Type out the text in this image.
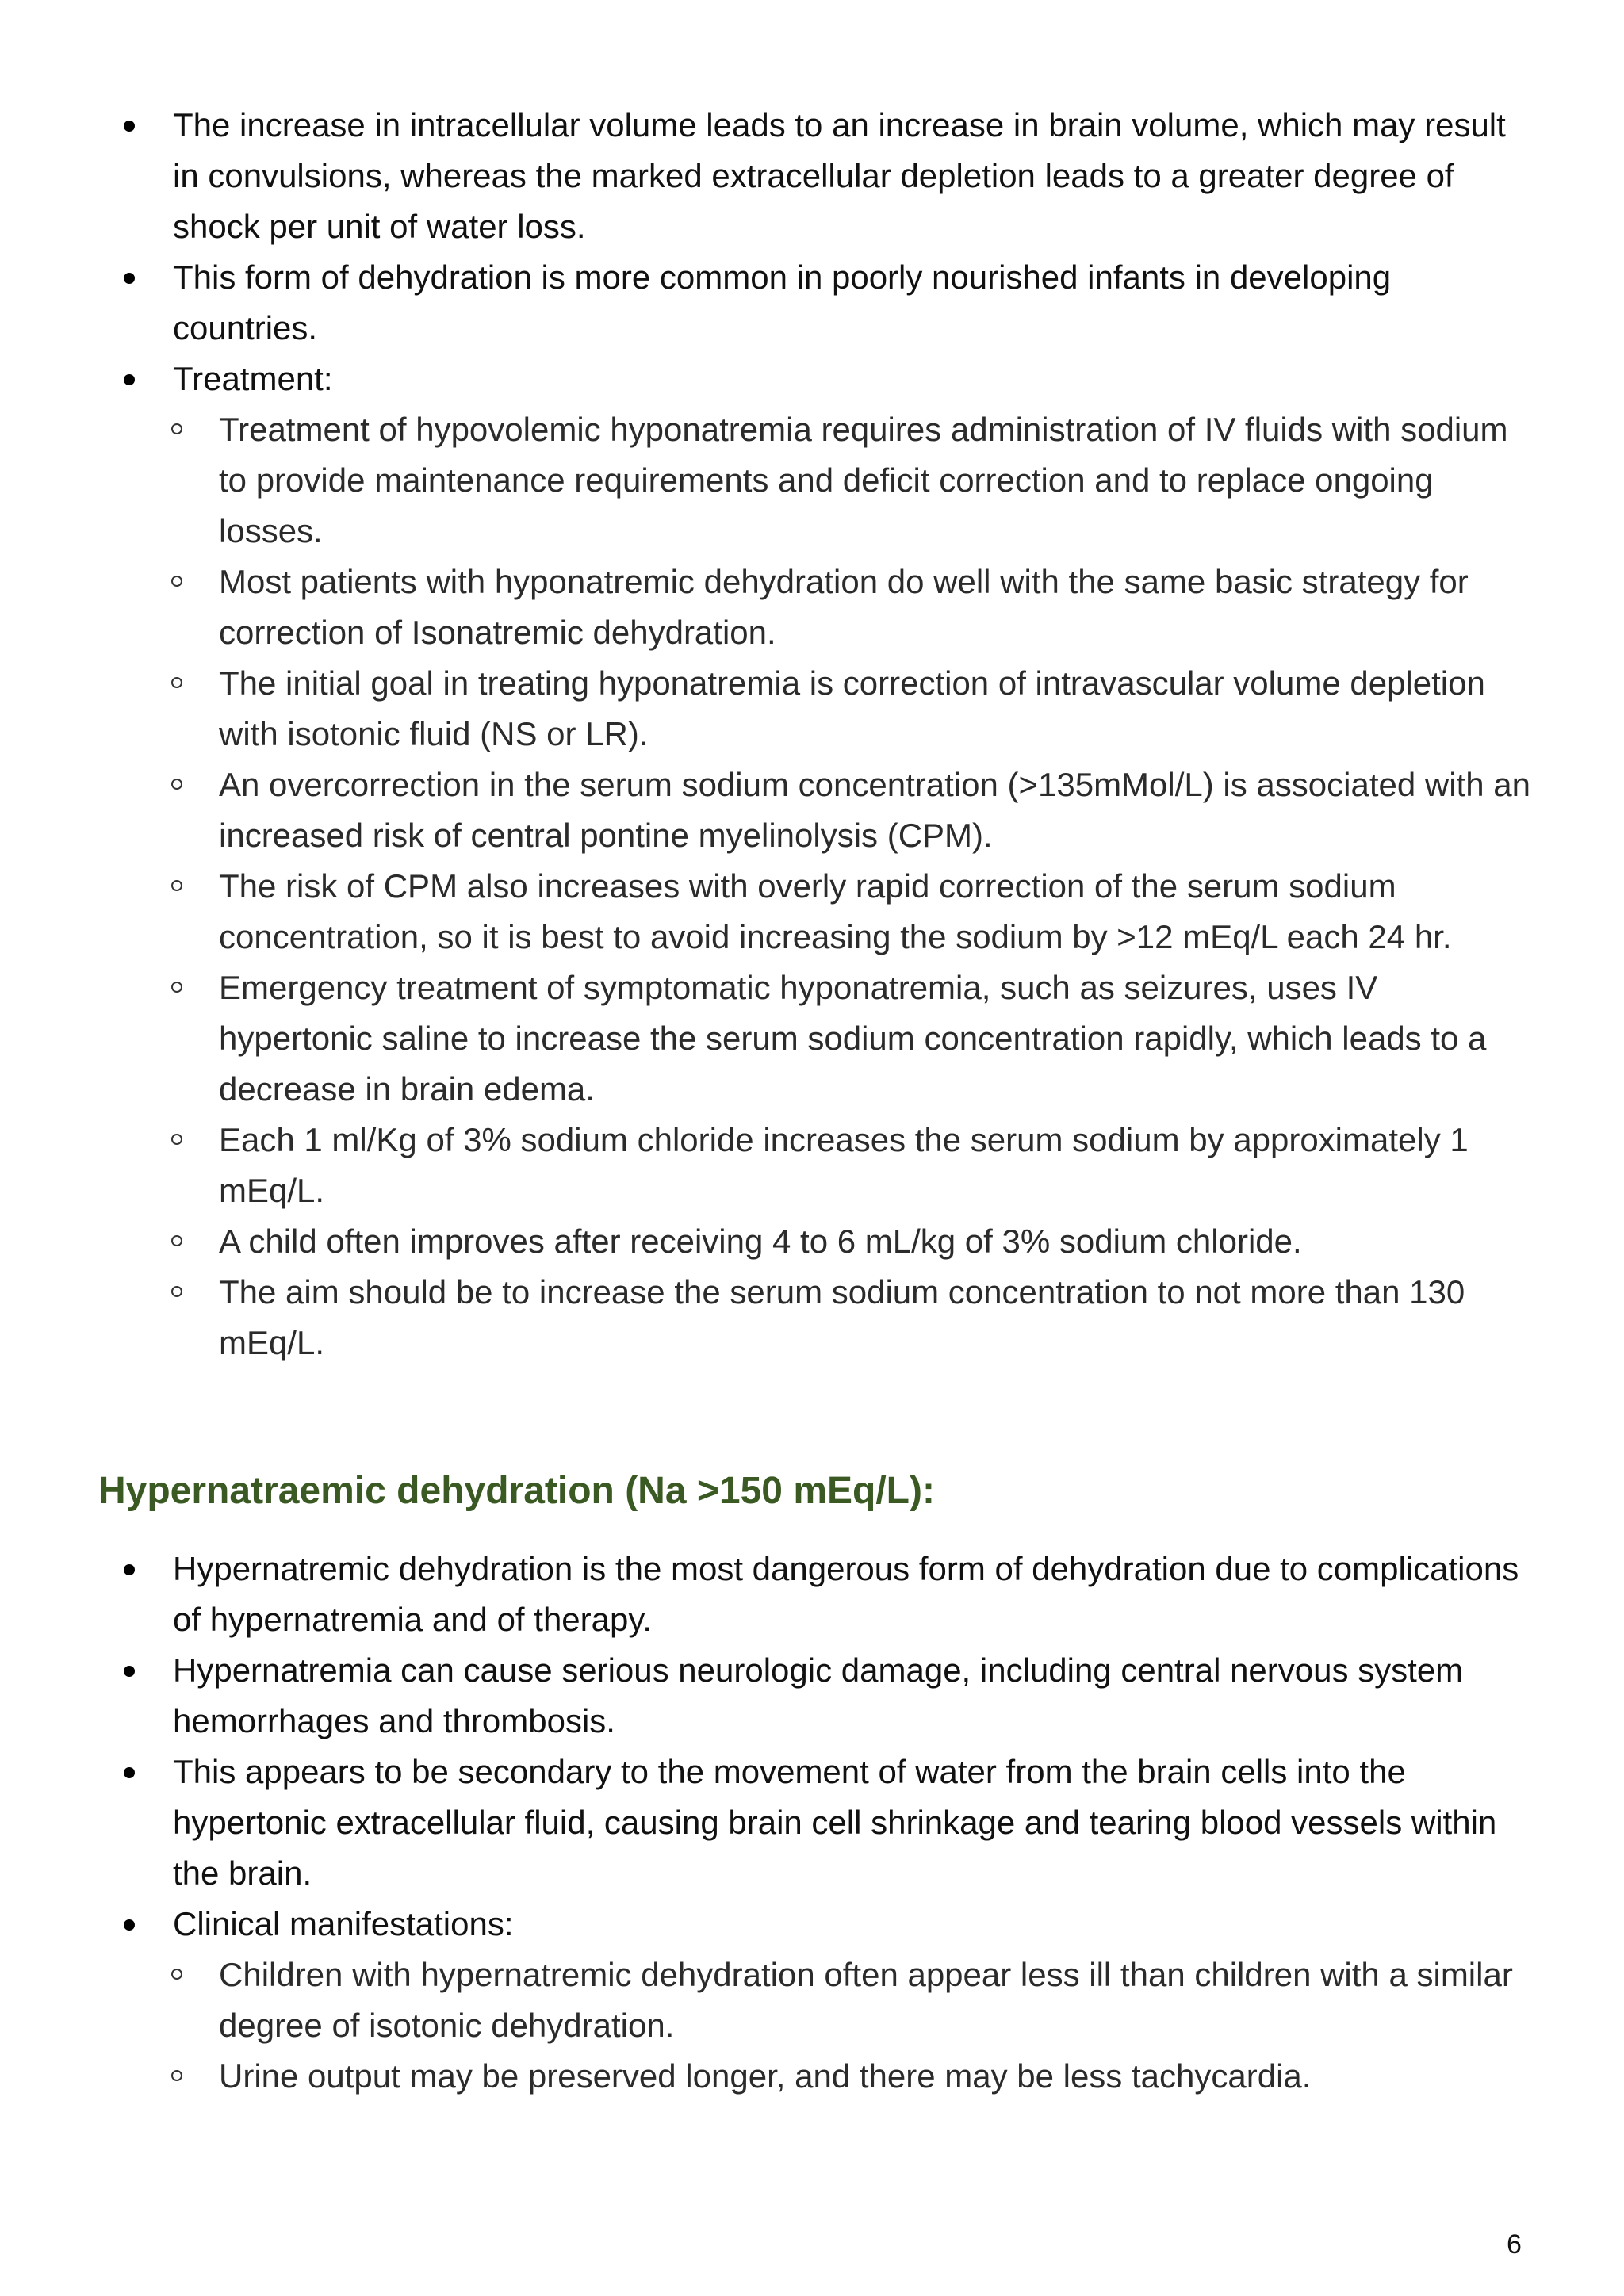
The increase in intracellular volume leads to an increase in brain volume, which may result in convulsions, whereas the marked extracellular depletion leads to a greater degree of shock per unit of water loss.
This form of dehydration is more common in poorly nourished infants in developing countries.
Treatment:
Treatment of hypovolemic hyponatremia requires administration of IV fluids with sodium to provide maintenance requirements and deficit correction and to replace ongoing losses.
Most patients with hyponatremic dehydration do well with the same basic strategy for correction of Isonatremic dehydration.
The initial goal in treating hyponatremia is correction of intravascular volume depletion with isotonic fluid (NS or LR).
An overcorrection in the serum sodium concentration (>135mMol/L) is associated with an increased risk of central pontine myelinolysis (CPM).
The risk of CPM also increases with overly rapid correction of the serum sodium concentration, so it is best to avoid increasing the sodium by >12 mEq/L each 24 hr.
Emergency treatment of symptomatic hyponatremia, such as seizures, uses IV hypertonic saline to increase the serum sodium concentration rapidly, which leads to a decrease in brain edema.
Each 1 ml/Kg of 3% sodium chloride increases the serum sodium by approximately 1 mEq/L.
A child often improves after receiving 4 to 6 mL/kg of 3% sodium chloride.
The aim should be to increase the serum sodium concentration to not more than 130 mEq/L.
Hypernatraemic dehydration (Na >150 mEq/L):
Hypernatremic dehydration is the most dangerous form of dehydration due to complications of hypernatremia and of therapy.
Hypernatremia can cause serious neurologic damage, including central nervous system hemorrhages and thrombosis.
This appears to be secondary to the movement of water from the brain cells into the hypertonic extracellular fluid, causing brain cell shrinkage and tearing blood vessels within the brain.
Clinical manifestations:
Children with hypernatremic dehydration often appear less ill than children with a similar degree of isotonic dehydration.
Urine output may be preserved longer, and there may be less tachycardia.
6
